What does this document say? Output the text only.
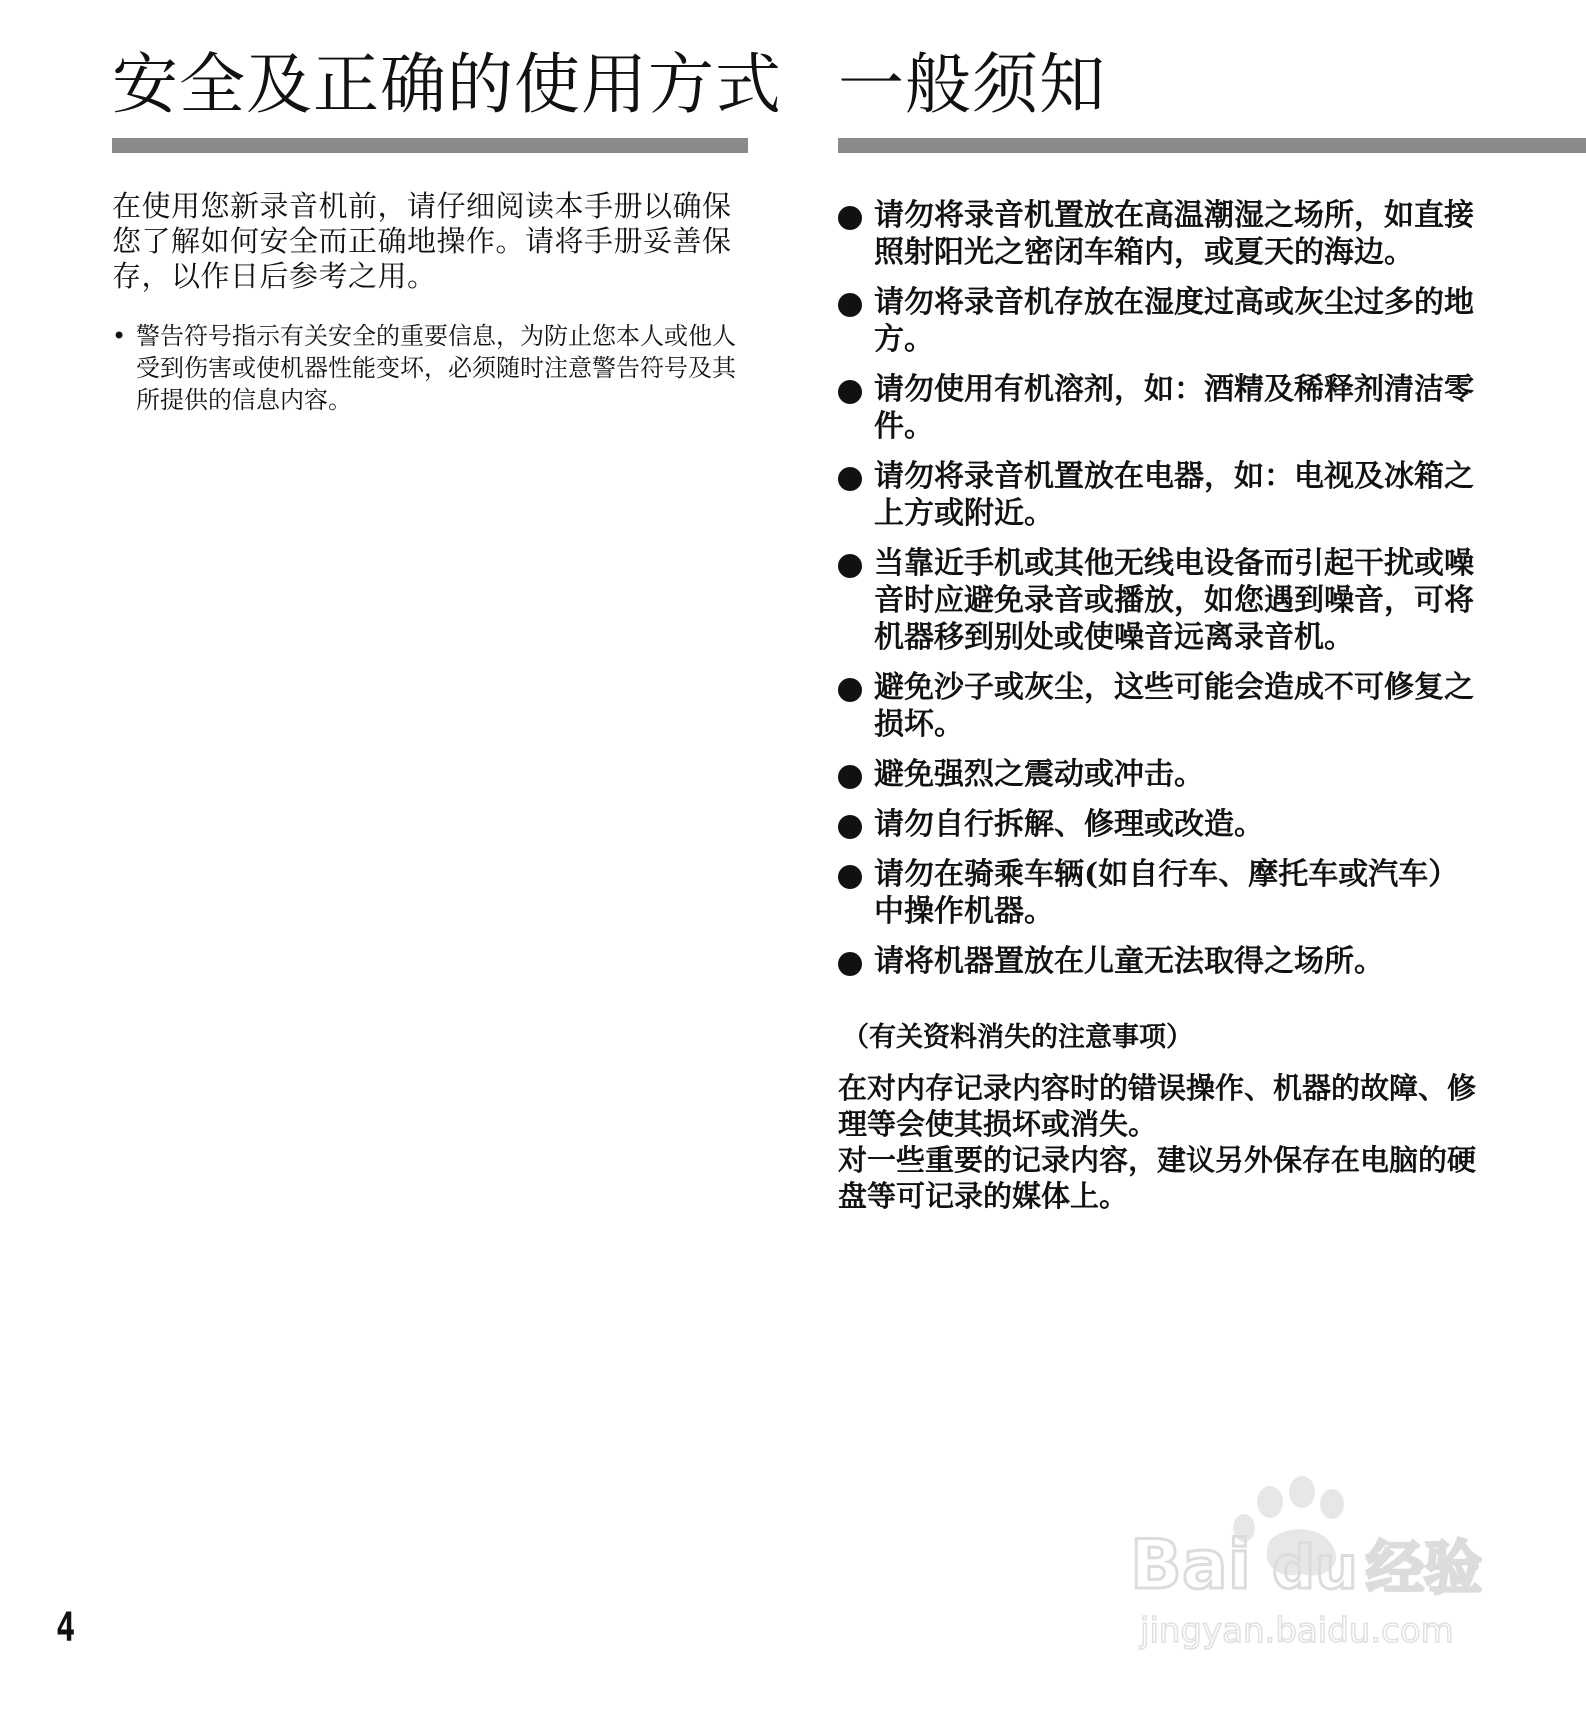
安全及正确的使用方式
在使用您新录音机前，请仔细阅读本手册以确保您了解如何安全而正确地操作。请将手册妥善保存，以作日后参考之用。
• 警告符号指示有关安全的重要信息，为防止您本人或他人受到伤害或使机器性能变坏，必须随时注意警告符号及其所提供的信息内容。
一般须知
请勿将录音机置放在高温潮湿之场所，如直接照射阳光之密闭车箱内，或夏天的海边。
请勿将录音机存放在湿度过高或灰尘过多的地方。
请勿使用有机溶剂，如：酒精及稀释剂清洁零件。
请勿将录音机置放在电器，如：电视及冰箱之上方或附近。
当靠近手机或其他无线电设备而引起干扰或噪音时应避免录音或播放，如您遇到噪音，可将机器移到别处或使噪音远离录音机。
避免沙子或灰尘，这些可能会造成不可修复之损坏。
避免强烈之震动或冲击。
请勿自行拆解、修理或改造。
请勿在骑乘车辆(如自行车、摩托车或汽车）中操作机器。
请将机器置放在儿童无法取得之场所。
（有关资料消失的注意事项）

在对内存记录内容时的错误操作、机器的故障、修理等会使其损坏或消失。

对一些重要的记录内容，建议另外保存在电脑的硬盘等可记录的媒体上。

4
Bai du 经验
jingyan.baidu.com
